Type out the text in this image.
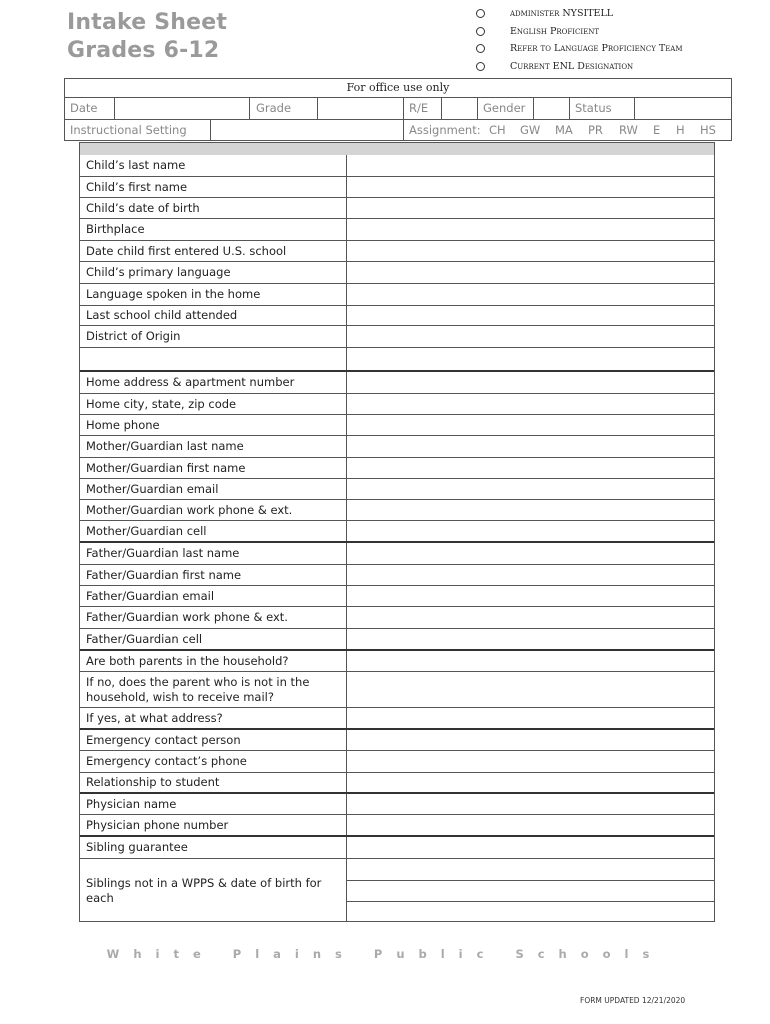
Intake Sheet
Grades 6-12
administer NYSITELL
English Proficient
Refer to Language Proficiency Team
Current ENL Designation
For office use only
Date	Grade	R/E	Gender	Status
Instructional Setting	Assignment: CH	GW	MA	PR	RW	E	H	HS
Child’s last name
Child’s first name
Child’s date of birth
Birthplace
Date child first entered U.S. school
Child’s primary language
Language spoken in the home
Last school child attended
District of Origin
Home address & apartment number
Home city, state, zip code
Home phone
Mother/Guardian last name
Mother/Guardian first name
Mother/Guardian email
Mother/Guardian work phone & ext.
Mother/Guardian cell
Father/Guardian last name
Father/Guardian first name
Father/Guardian email
Father/Guardian work phone & ext.
Father/Guardian cell
Are both parents in the household?
If no, does the parent who is not in the household, wish to receive mail?
If yes, at what address?
Emergency contact person
Emergency contact’s phone
Relationship to student
Physician name
Physician phone number
Sibling guarantee
Siblings not in a WPPS & date of birth for each
White Plains Public Schools
FORM UPDATED 12/21/2020
